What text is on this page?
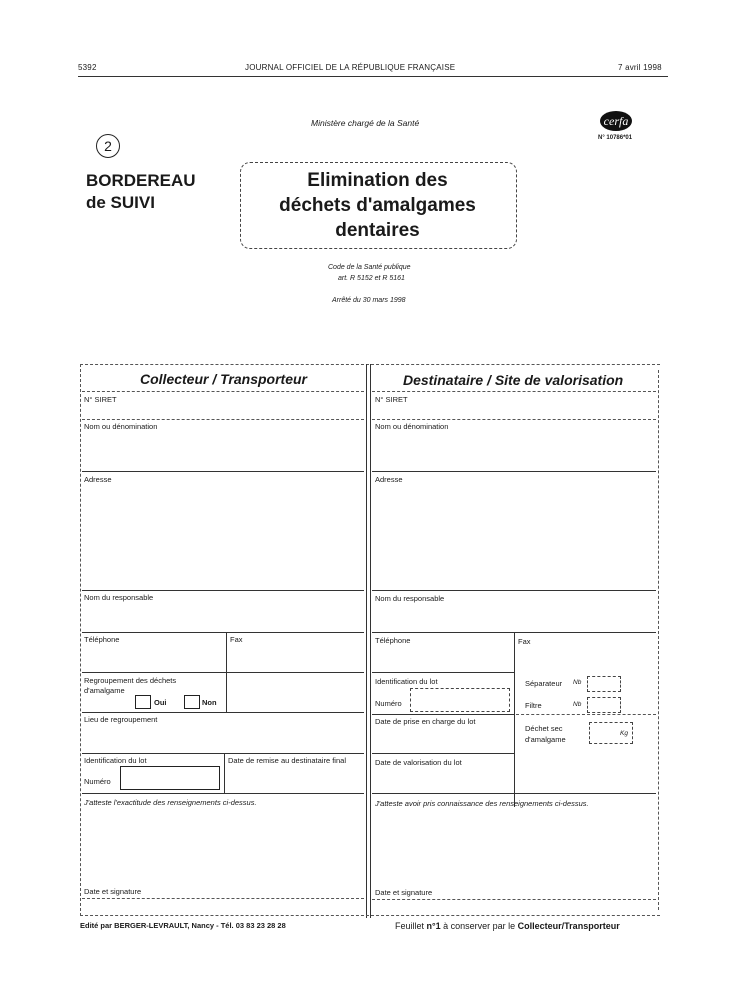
5392	JOURNAL OFFICIEL DE LA RÉPUBLIQUE FRANÇAISE	7 avril 1998
Ministère chargé de la Santé	cerfa
N° 10786*01
2
BORDEREAU
de SUIVI
Elimination des
déchets d'amalgames
dentaires
Code de la Santé publique
art. R 5152 et R 5161
Arrêté du 30 mars 1998
Collecteur / Transporteur	Destinataire / Site de valorisation
N° SIRET
Nom ou dénomination
Adresse
Nom du responsable
Téléphone	Fax
Regroupement des déchets
d'amalgame
Oui	Non
Lieu de regroupement
Identification du lot
Numéro
Date de remise au destinataire final
J'atteste l'exactitude des renseignements ci-dessus.
Date et signature
N° SIRET
Nom ou dénomination
Adresse
Nom du responsable
Téléphone	Fax
Identification du lot
Numéro
Séparateur Nb
Filtre	Nb
Date de prise en charge du lot
Déchet sec
d'amalgame
Kg
Date de valorisation du lot
J'atteste avoir pris connaissance des renseignements ci-dessus.
Date et signature
Edité par BERGER-LEVRAULT, Nancy - Tél. 03 83 23 28 28	Feuillet n°1 à conserver par le Collecteur/Transporteur
